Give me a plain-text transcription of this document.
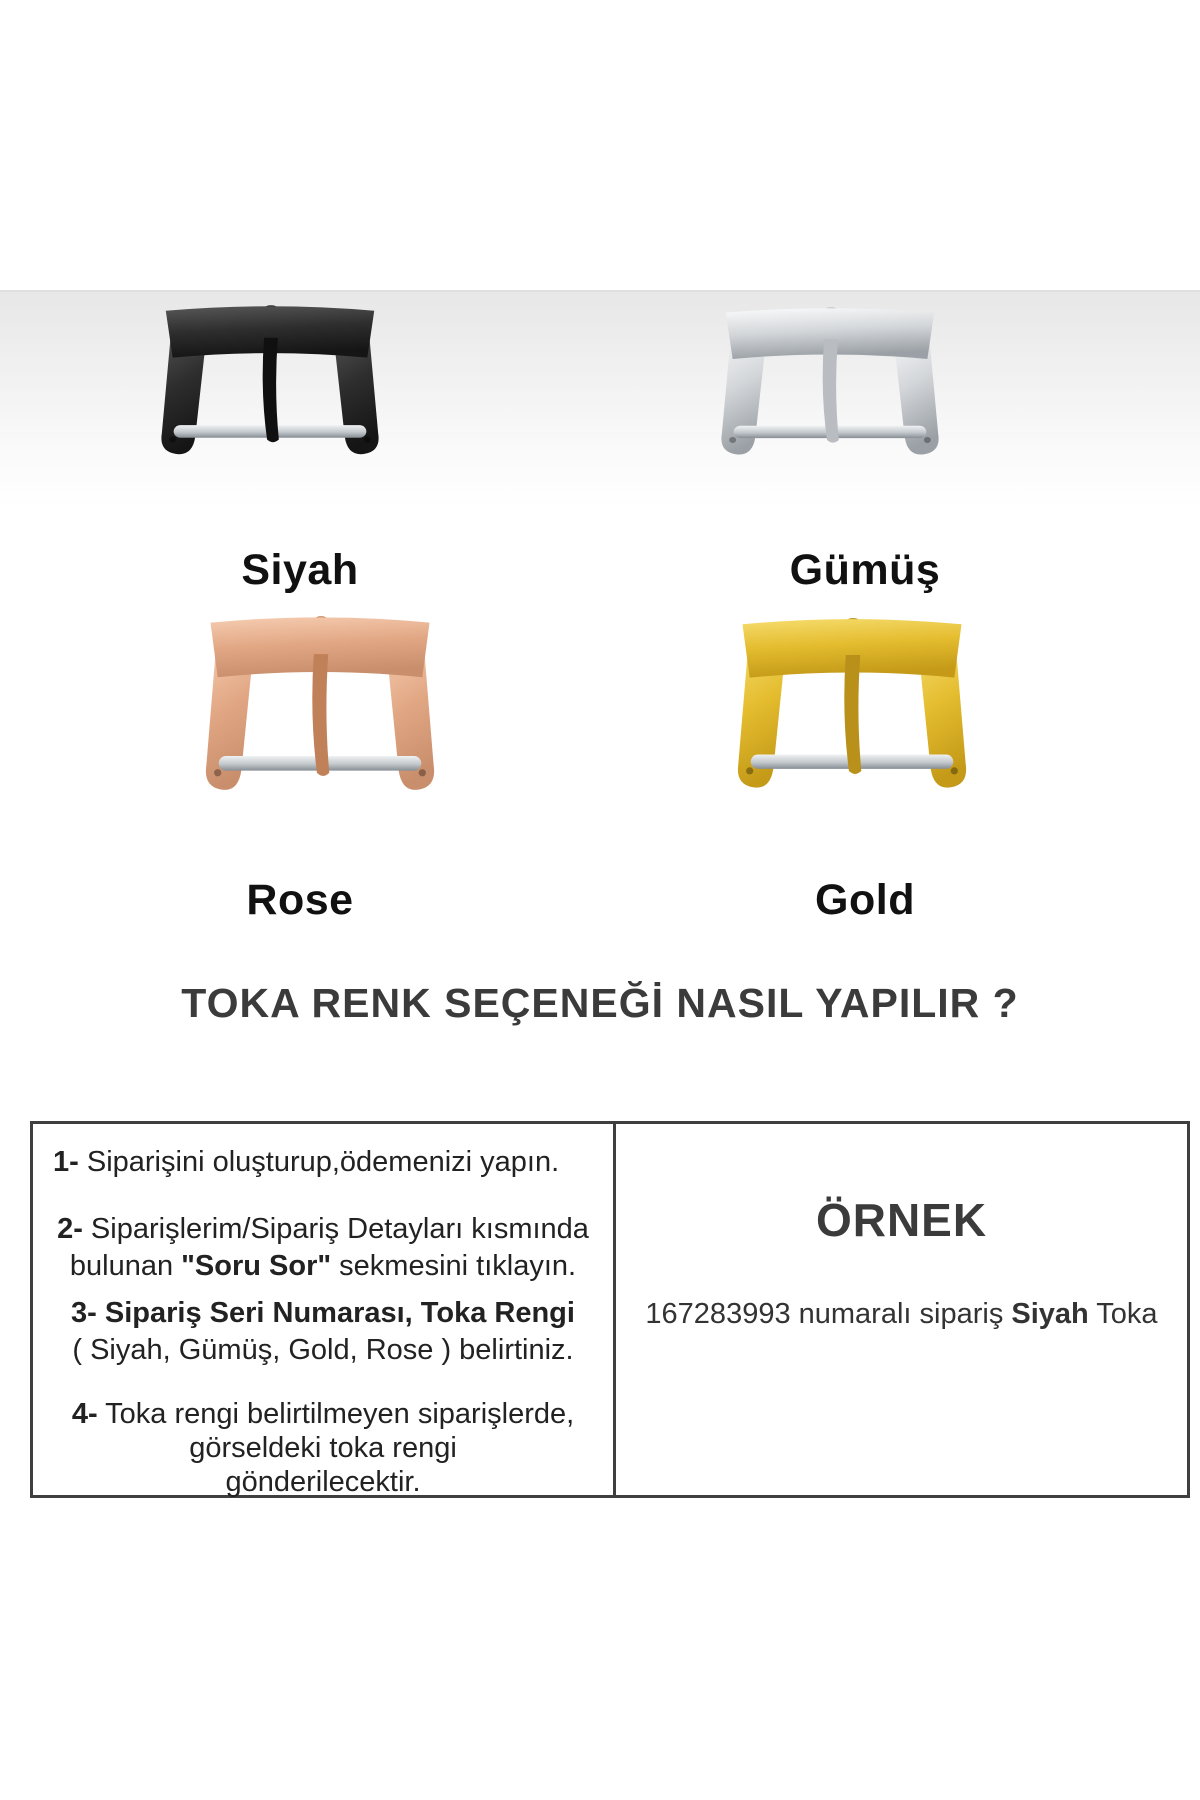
Siyah	Gümüş
Rose	Gold
TOKA RENK SEÇENEĞİ NASIL YAPILIR ?
1- Siparişini oluşturup,ödemenizi yapın.
2- Siparişlerim/Sipariş Detayları kısmında
bulunan "Soru Sor" sekmesini tıklayın.
3- Sipariş Seri Numarası, Toka Rengi
( Siyah, Gümüş, Gold, Rose ) belirtiniz.
4- Toka rengi belirtilmeyen siparişlerde,
görseldeki toka rengi
gönderilecektir.
ÖRNEK
167283993 numaralı sipariş Siyah Toka
